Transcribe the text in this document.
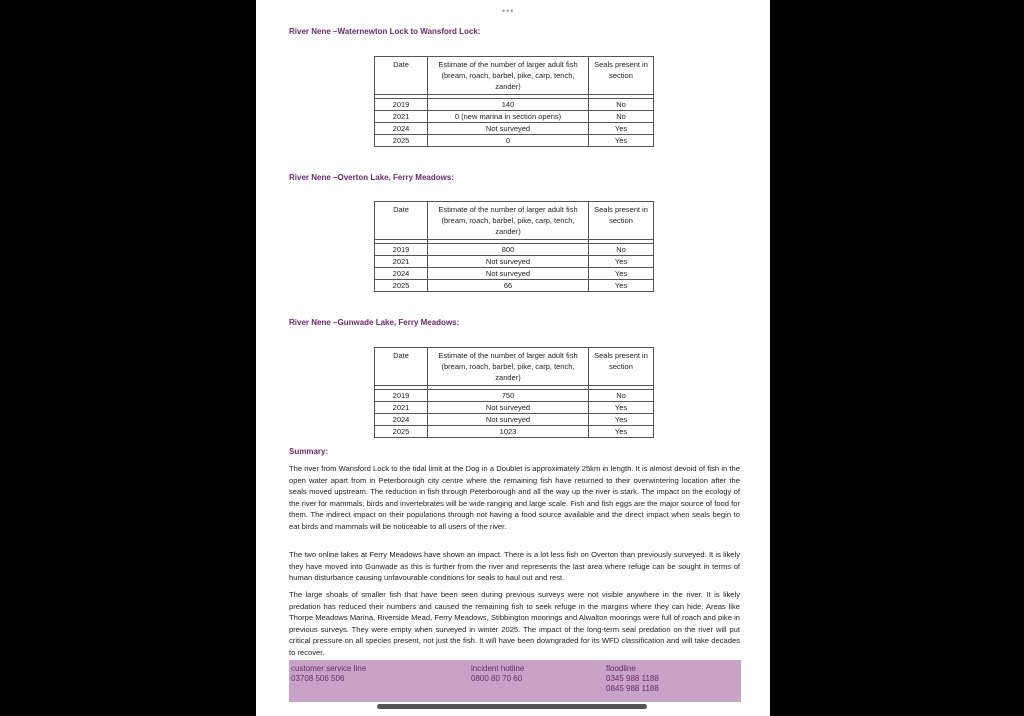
•••
River Nene –Waternewton Lock to Wansford Lock:
Date	Estimate of the number of larger adult fish (bream, roach, barbel, pike, carp, tench, zander)	Seals present in section

2019	140	No
2021	0 (new marina in section opens)	No
2024	Not surveyed	Yes
2025	0	Yes
River Nene –Overton Lake, Ferry Meadows:
Date	Estimate of the number of larger adult fish (bream, roach, barbel, pike, carp, tench, zander)	Seals present in section

2019	800	No
2021	Not surveyed	Yes
2024	Not surveyed	Yes
2025	66	Yes
River Nene –Gunwade Lake, Ferry Meadows:
Date	Estimate of the number of larger adult fish (bream, roach, barbel, pike, carp, tench, zander)	Seals present in section

2019	750	No
2021	Not surveyed	Yes
2024	Not surveyed	Yes
2025	1023	Yes
Summary:
The river from Wansford Lock to the tidal limit at the Dog in a Doublet is approximately 25km in length. It is almost devoid of fish in the open water apart from in Peterborough city centre where the remaining fish have returned to their overwintering location after the seals moved upstream. The reduction in fish through Peterborough and all the way up the river is stark. The impact on the ecology of the river for mammals, birds and invertebrates will be wide ranging and large scale. Fish and fish eggs are the major source of food for them. The indirect impact on their populations through not having a food source available and the direct impact when seals begin to eat birds and mammals will be noticeable to all users of the river.
The two online lakes at Ferry Meadows have shown an impact. There is a lot less fish on Overton than previously surveyed. It is likely they have moved into Gunwade as this is further from the river and represents the last area where refuge can be sought in terms of human disturbance causing unfavourable conditions for seals to haul out and rest.
The large shoals of smaller fish that have been seen during previous surveys were not visible anywhere in the river. It is likely predation has reduced their numbers and caused the remaining fish to seek refuge in the margins where they can hide. Areas like Thorpe Meadows Marina, Riverside Mead, Ferry Meadows, Stibbington moorings and Alwalton moorings were full of roach and pike in previous surveys. They were empty when surveyed in winter 2025. The impact of the long-term seal predation on the river will put critical pressure on all species present, not just the fish. It will have been downgraded for its WFD classification and will take decades to recover.
customer service line
03708 506 506
incident hotline
0800 80 70 60
floodline
0345 988 1188
0845 988 1188
